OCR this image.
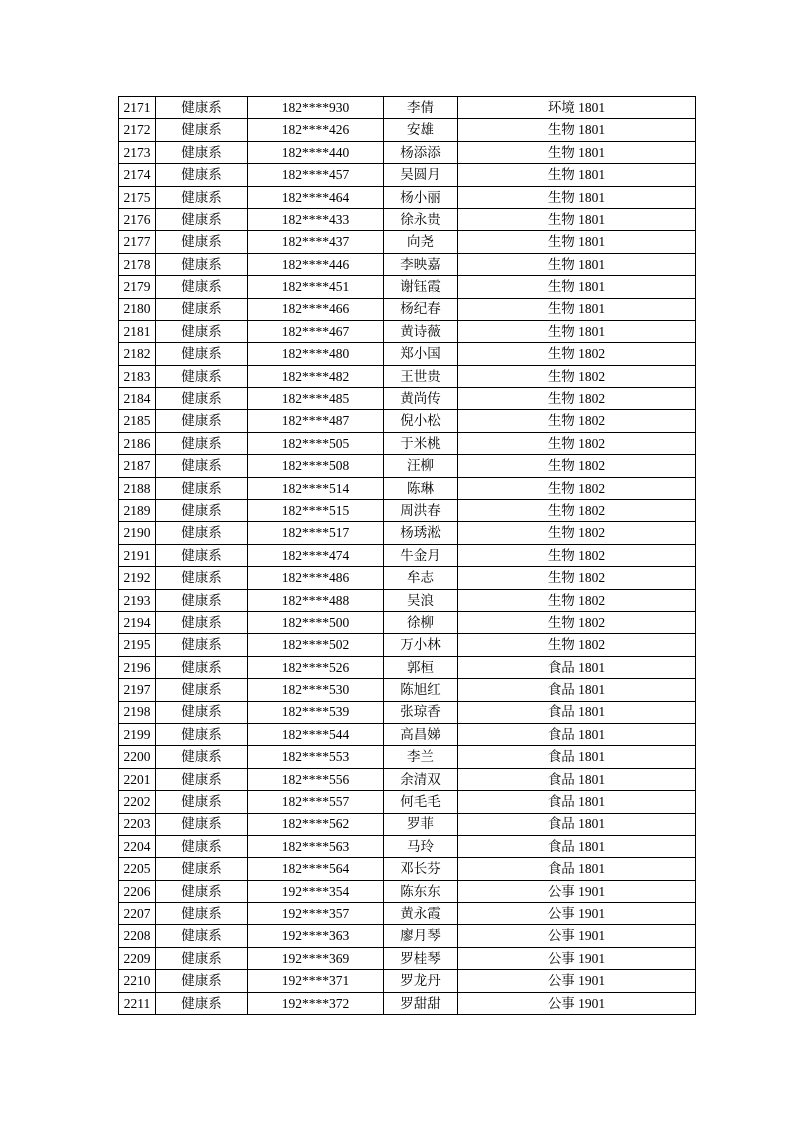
2171	健康系	182****930	李倩	环境 1801
2172	健康系	182****426	安雄	生物 1801
2173	健康系	182****440	杨添添	生物 1801
2174	健康系	182****457	吴圆月	生物 1801
2175	健康系	182****464	杨小丽	生物 1801
2176	健康系	182****433	徐永贵	生物 1801
2177	健康系	182****437	向尧	生物 1801
2178	健康系	182****446	李映嘉	生物 1801
2179	健康系	182****451	谢钰霞	生物 1801
2180	健康系	182****466	杨纪春	生物 1801
2181	健康系	182****467	黄诗薇	生物 1801
2182	健康系	182****480	郑小国	生物 1802
2183	健康系	182****482	王世贵	生物 1802
2184	健康系	182****485	黄尚传	生物 1802
2185	健康系	182****487	倪小松	生物 1802
2186	健康系	182****505	于米桃	生物 1802
2187	健康系	182****508	汪柳	生物 1802
2188	健康系	182****514	陈琳	生物 1802
2189	健康系	182****515	周洪春	生物 1802
2190	健康系	182****517	杨琇淞	生物 1802
2191	健康系	182****474	牛金月	生物 1802
2192	健康系	182****486	牟志	生物 1802
2193	健康系	182****488	吴浪	生物 1802
2194	健康系	182****500	徐柳	生物 1802
2195	健康系	182****502	万小林	生物 1802
2196	健康系	182****526	郭桓	食品 1801
2197	健康系	182****530	陈旭红	食品 1801
2198	健康系	182****539	张琼香	食品 1801
2199	健康系	182****544	高昌娣	食品 1801
2200	健康系	182****553	李兰	食品 1801
2201	健康系	182****556	余清双	食品 1801
2202	健康系	182****557	何毛毛	食品 1801
2203	健康系	182****562	罗菲	食品 1801
2204	健康系	182****563	马玲	食品 1801
2205	健康系	182****564	邓长芬	食品 1801
2206	健康系	192****354	陈东东	公事 1901
2207	健康系	192****357	黄永霞	公事 1901
2208	健康系	192****363	廖月琴	公事 1901
2209	健康系	192****369	罗桂琴	公事 1901
2210	健康系	192****371	罗龙丹	公事 1901
2211	健康系	192****372	罗甜甜	公事 1901
